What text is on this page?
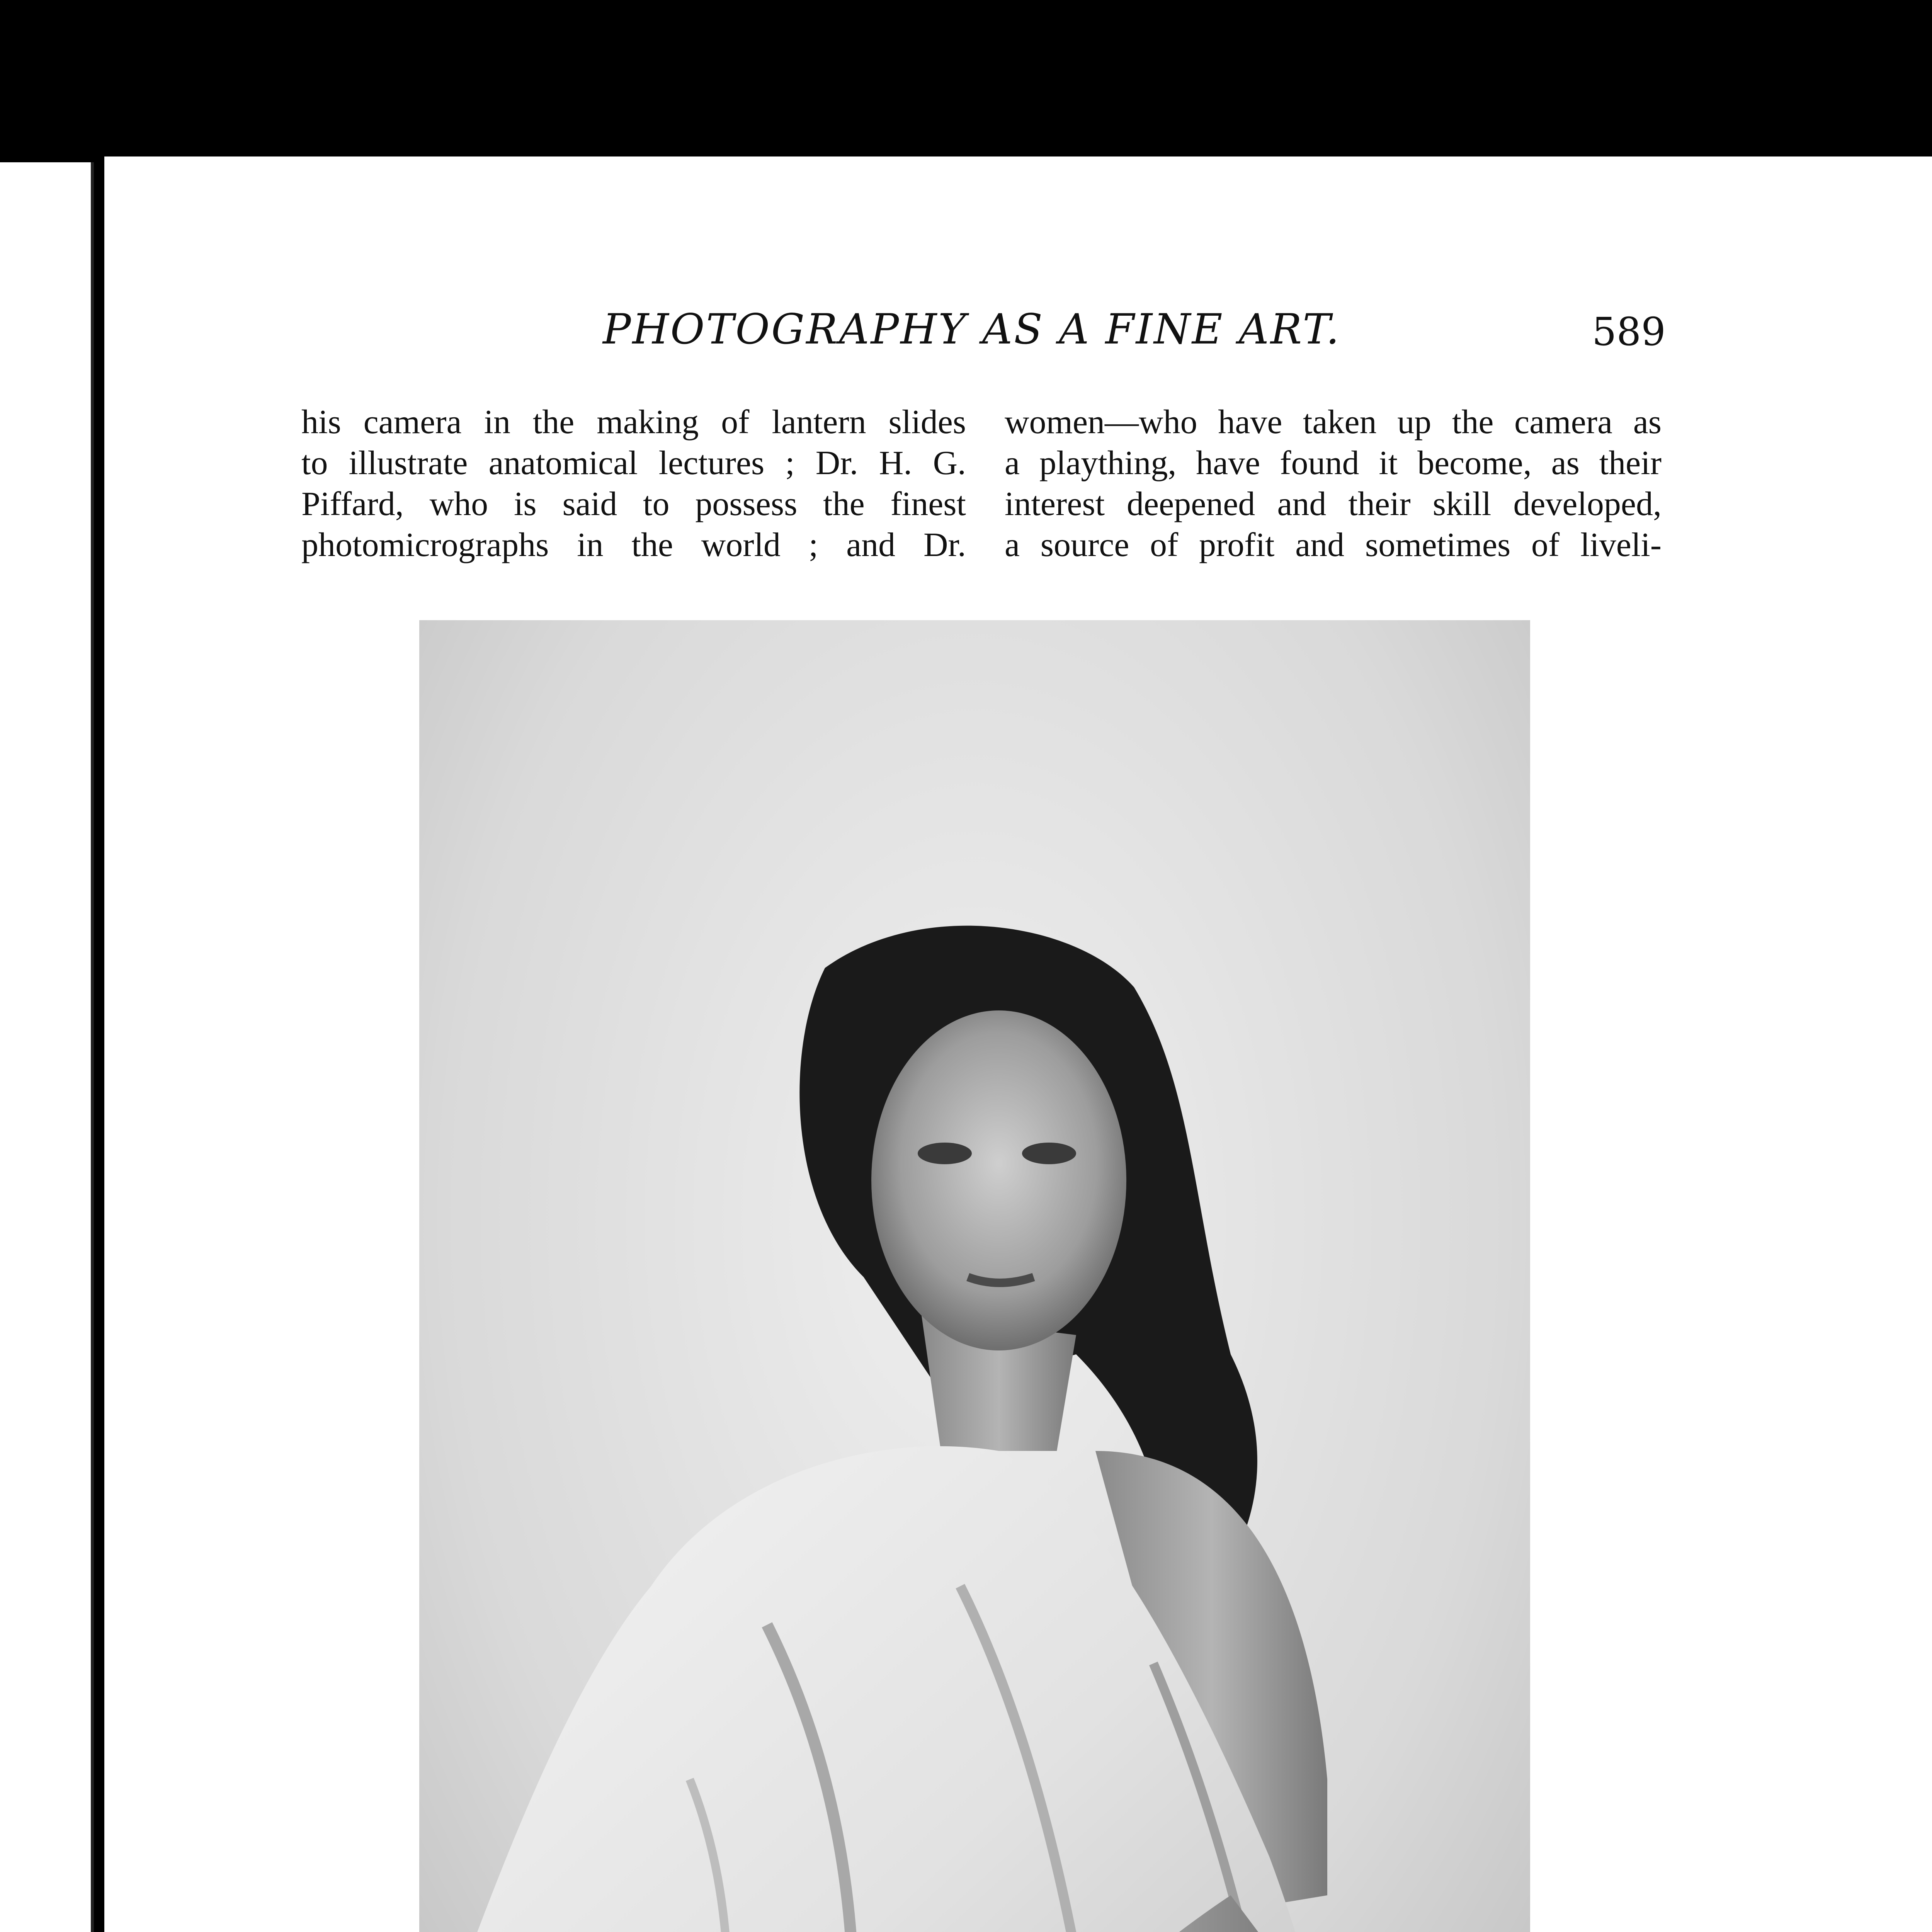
PHOTOGRAPHY AS A FINE ART.	589
his camera in the making of lantern slides
to illustrate anatomical lectures ; Dr. H. G.
Piffard, who is said to possess the finest
photomicrographs in the world ; and Dr.
women—who have taken up the camera as
a plaything, have found it become, as their
interest deepened and their skill developed,
a source of profit and sometimes of liveli-
